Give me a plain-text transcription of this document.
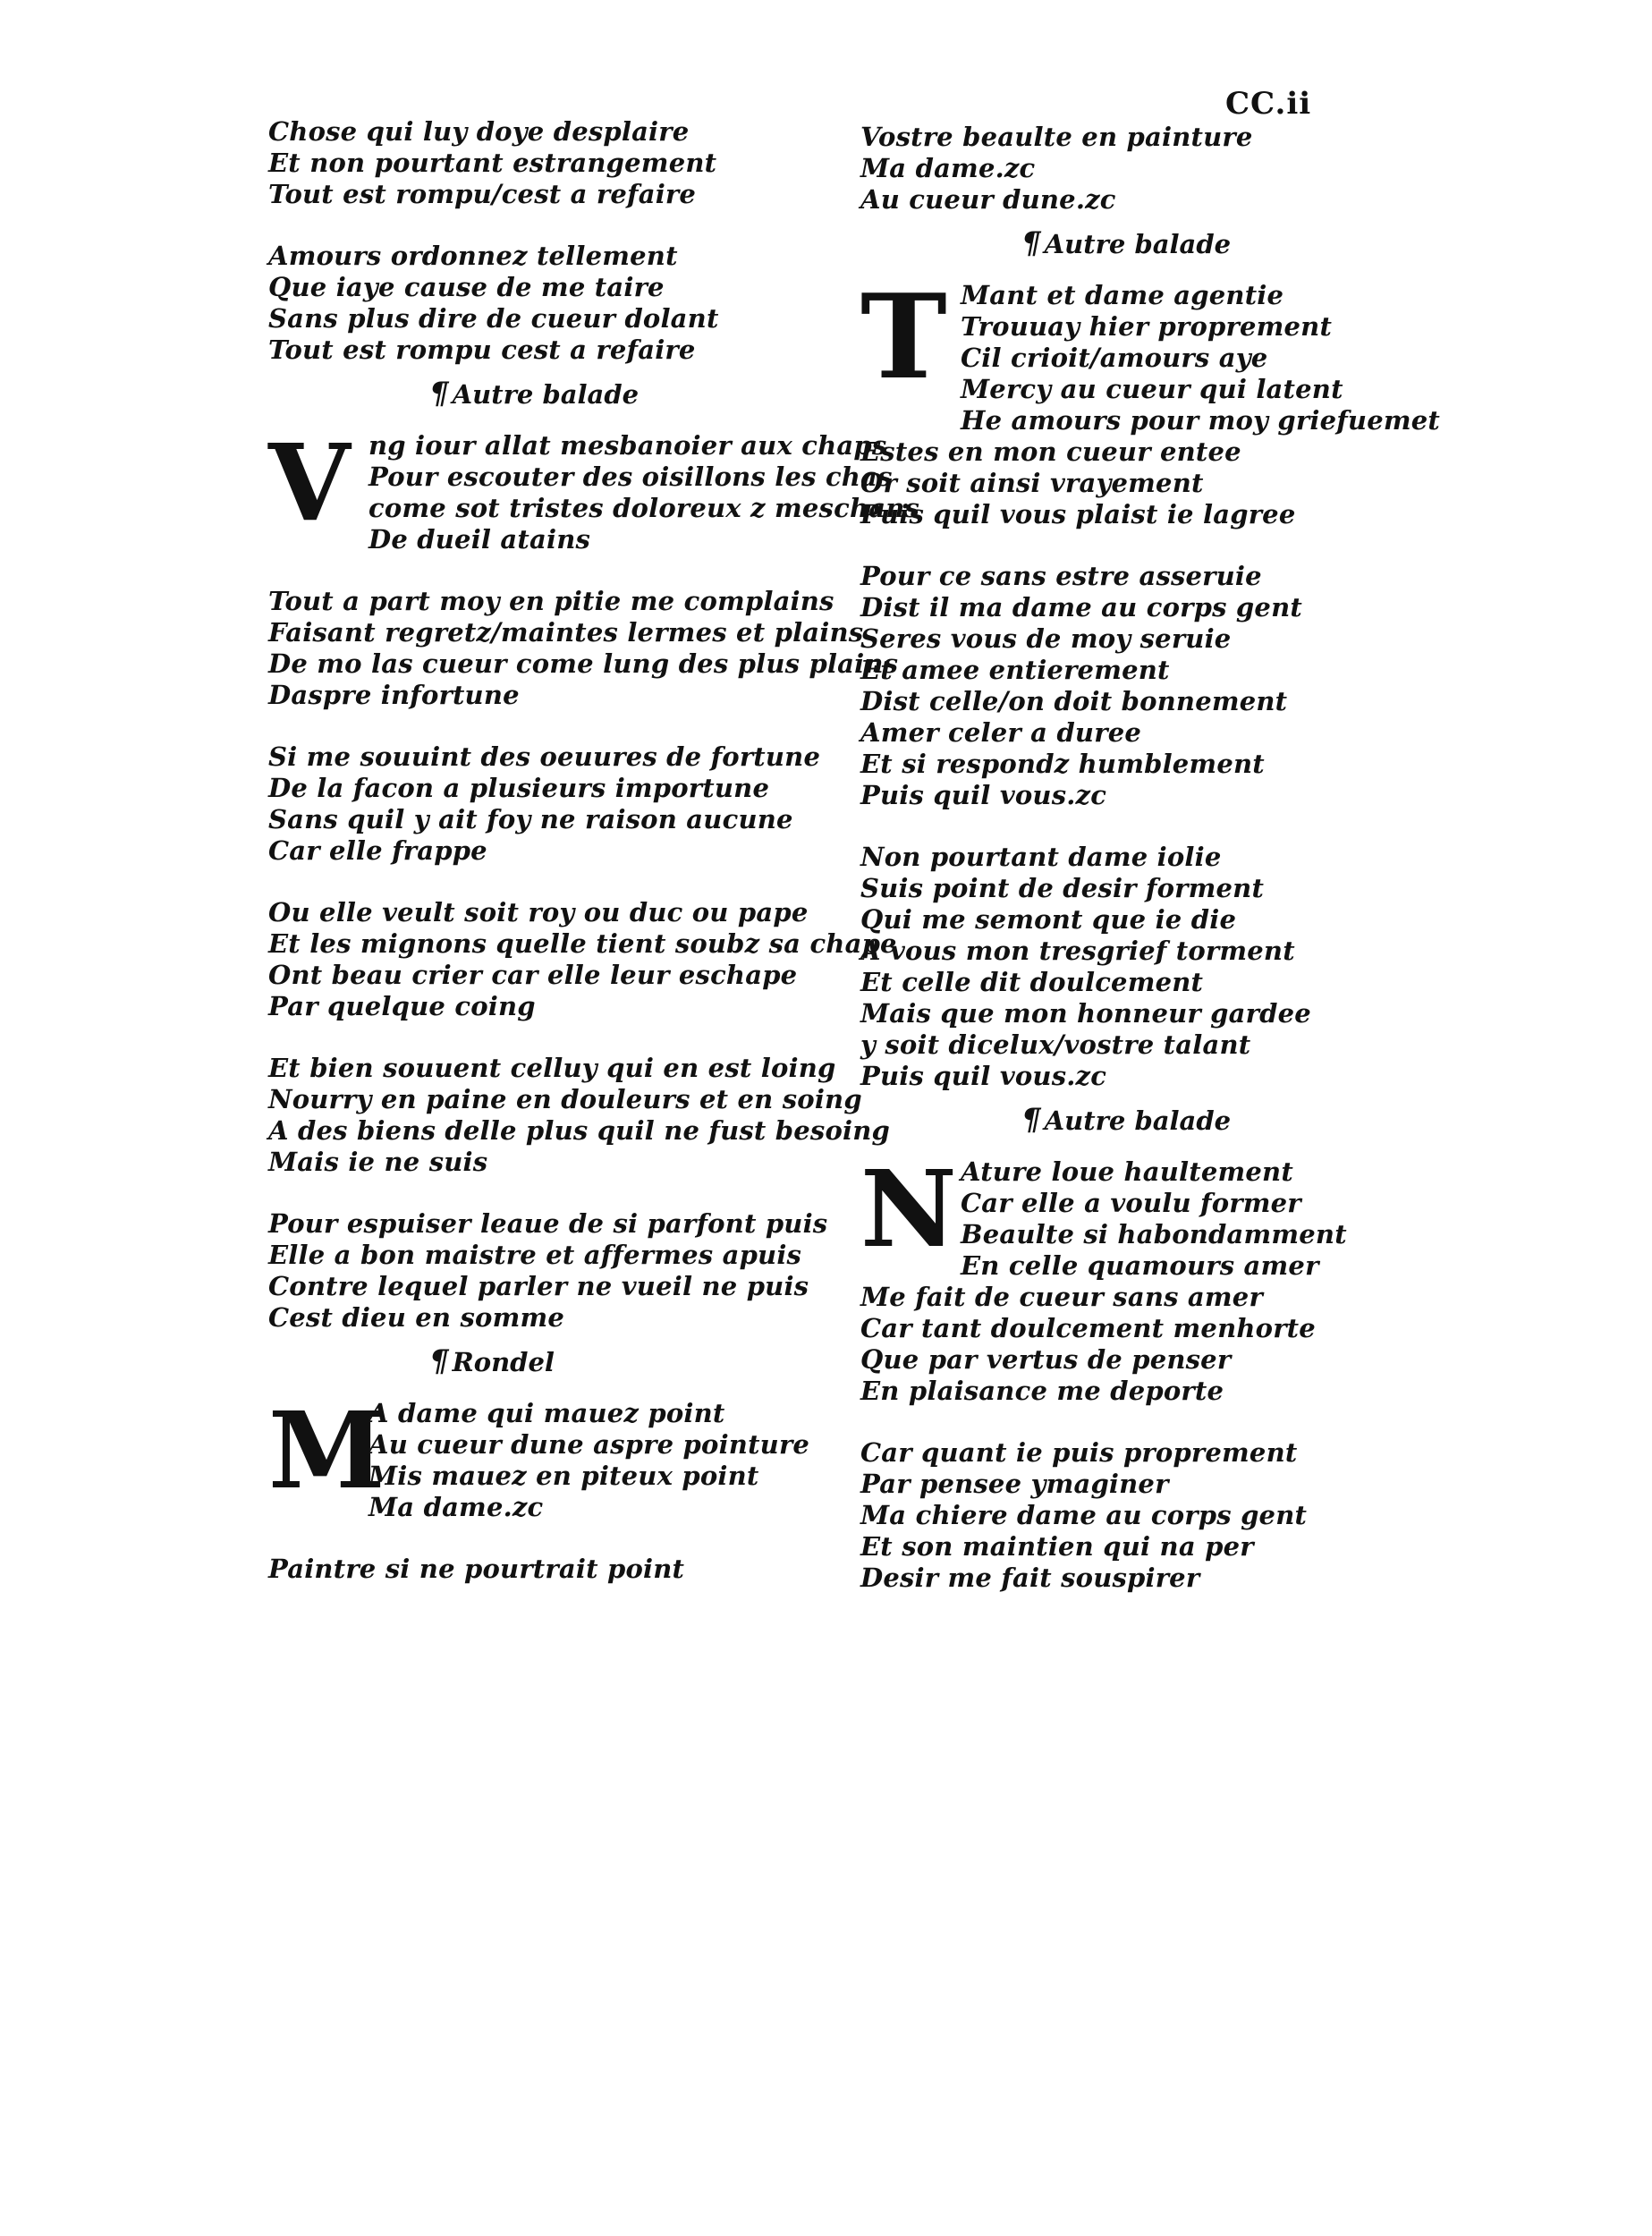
CC.ii
Chose qui luy doye desplaire
Et non pourtant estrangement
Tout est rompu/cest a refaire
Amours ordonnez tellement
Que iaye cause de me taire
Sans plus dire de cueur dolant
Tout est rompu cest a refaire
¶ Autre balade
V ng iour allat mesbanoier aux chaps
Pour escouter des oisillons les chas
come sot tristes doloreux z meschans
De dueil atains
Tout a part moy en pitie me complains
Faisant regretz/maintes lermes et plains
De mo las cueur come lung des plus plains
Daspre infortune
Si me souuint des oeuures de fortune
De la facon a plusieurs importune
Sans quil y ait foy ne raison aucune
Car elle frappe
Ou elle veult soit roy ou duc ou pape
Et les mignons quelle tient soubz sa chape
Ont beau crier car elle leur eschape
Par quelque coing
Et bien souuent celluy qui en est loing
Nourry en paine en douleurs et en soing
A des biens delle plus quil ne fust besoing
Mais ie ne suis
Pour espuiser leaue de si parfont puis
Elle a bon maistre et affermes apuis
Contre lequel parler ne vueil ne puis
Cest dieu en somme
¶ Rondel
M
A dame qui mauez point
Au cueur dune aspre pointure
Mis mauez en piteux point
Ma dame.zc
Paintre si ne pourtrait point
Vostre beaulte en painture
Ma dame.zc
Au cueur dune.zc
¶ Autre balade
T Mant et dame agentie
Trouuay hier proprement
Cil crioit/amours aye
Mercy au cueur qui latent
He amours pour moy griefuemet
Estes en mon cueur entee
Or soit ainsi vrayement
Puis quil vous plaist ie lagree
Pour ce sans estre asseruie
Dist il ma dame au corps gent
Seres vous de moy seruie
Et amee entierement
Dist celle/on doit bonnement
Amer celer a duree
Et si respondz humblement
Puis quil vous.zc
Non pourtant dame iolie
Suis point de desir forment
Qui me semont que ie die
A vous mon tresgrief torment
Et celle dit doulcement
Mais que mon honneur gardee
y soit dicelux/vostre talant
Puis quil vous.zc
¶ Autre balade
N Ature loue haultement
Car elle a voulu former
Beaulte si habondamment
En celle quamours amer
Me fait de cueur sans amer
Car tant doulcement menhorte
Que par vertus de penser
En plaisance me deporte
Car quant ie puis proprement
Par pensee ymaginer
Ma chiere dame au corps gent
Et son maintien qui na per
Desir me fait souspirer
